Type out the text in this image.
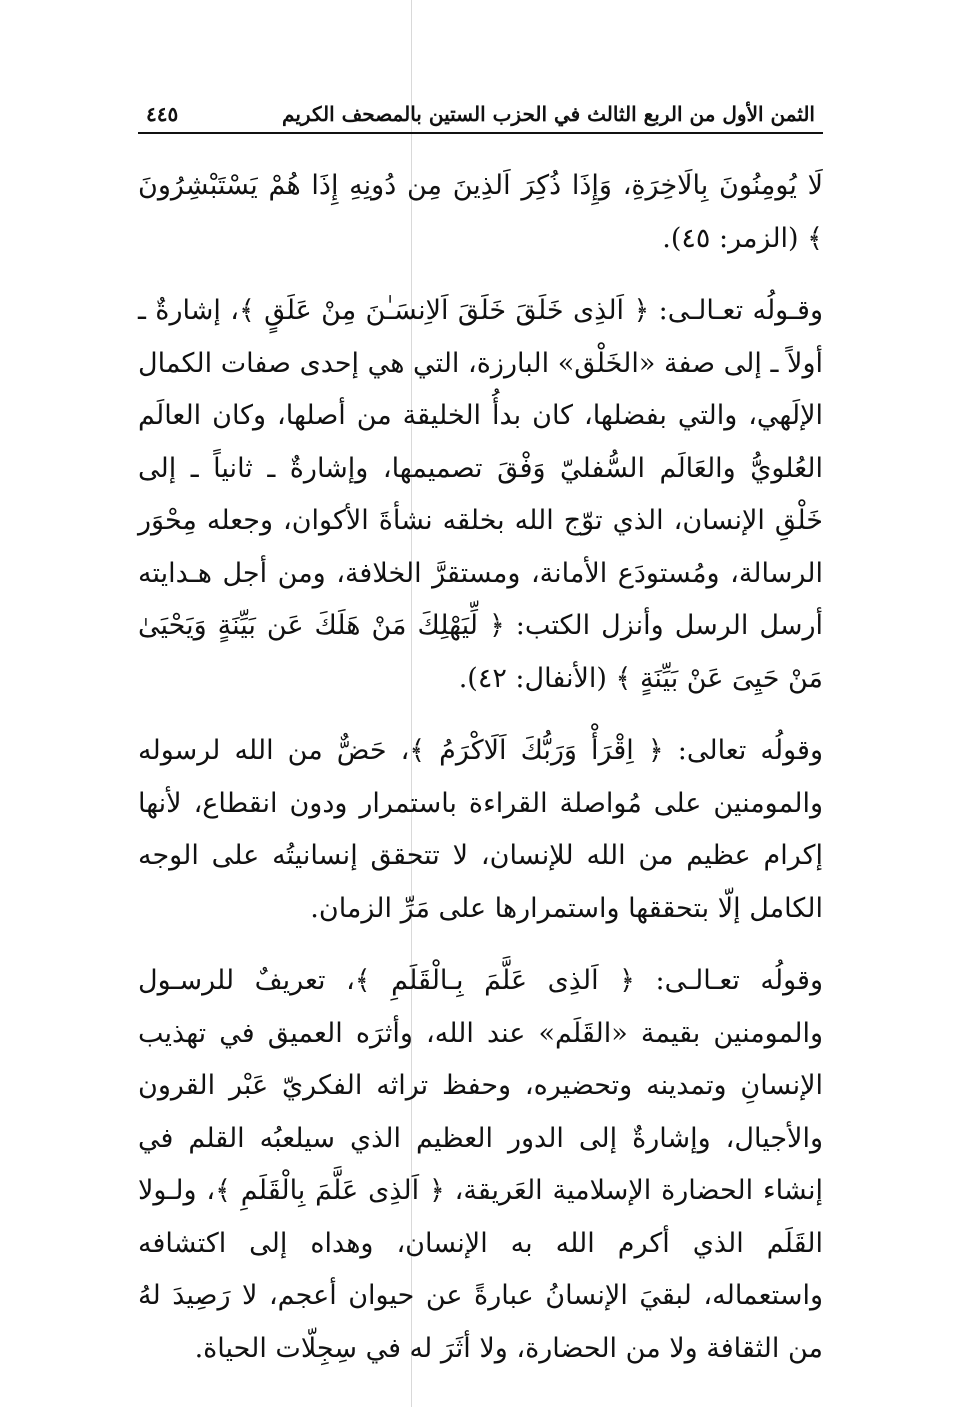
الثمن الأول من الربع الثالث في الحزب الستين بالمصحف الكريم
٤٤٥

لَا يُومِنُونَ بِالَاخِرَةِ، وَإِذَا ذُكِرَ اَلذِينَ مِن دُونِهِ إِذَا هُمْ يَسْتَبْشِرُونَ ﴾ (الزمر: ٤٥).

وقـولُه تعـالـى: ﴿ اَلذِى خَلَقَ خَلَقَ اَلاِنسَـٰنَ مِنْ عَلَقٍ ﴾، إشارةٌ ـ أولاً ـ إلى صفة «الخَلْق» البارزة، التي هي إحدى صفات الكمال الإلَهي، والتي بفضلها، كان بدأُ الخليقة من أصلها، وكان العالَم العُلويُّ والعَالَم السُّفليّ وَفْقَ تصميمها، وإشارةٌ ـ ثانياً ـ إلى خَلْقِ الإنسان، الذي توّج الله بخلقه نشأةَ الأكوان، وجعله مِحْوَر الرسالة، ومُستودَع الأمانة، ومستقرَّ الخلافة، ومن أجل هـدايته أرسل الرسل وأنزل الكتب: ﴿ لِّيَهْلِكَ مَنْ هَلَكَ عَن بَيِّنَةٍ وَيَحْيَىٰ مَنْ حَيِىَ عَنْ بَيِّنَةٍ ﴾ (الأنفال: ٤٢).

وقولُه تعالى: ﴿ اِقْرَأْ وَرَبُّكَ اَلَاكْرَمُ ﴾، حَضٌّ من الله لرسوله والمومنين على مُواصلة القراءة باستمرار ودون انقطاع، لأنها إكرام عظيم من الله للإنسان، لا تتحقق إنسانيتُه على الوجه الكامل إلّا بتحققها واستمرارها على مَرِّ الزمان.

وقولُه تعـالـى: ﴿ اَلذِى عَلَّمَ بِـالْقَلَمِ ﴾، تعريفٌ للرسـول والمومنين بقيمة «القَلَم» عند الله، وأثرَه العميق في تهذيب الإنسانِ وتمدينه وتحضيره، وحفظ تراثه الفكريّ عَبْر القرون والأجيال، وإشارةٌ إلى الدور العظيم الذي سيلعبُه القلم في إنشاء الحضارة الإسلامية العَريقة، ﴿ اَلذِى عَلَّمَ بِالْقَلَمِ ﴾، ولـولا القَلَم الذي أكرم الله به الإنسان، وهداه إلى اكتشافه واستعماله، لبقيَ الإنسانُ عبارةً عن حيوان أعجم، لا رَصِيدَ لهُ من الثقافة ولا من الحضارة، ولا أثَرَ له في سِجِلّات الحياة.
